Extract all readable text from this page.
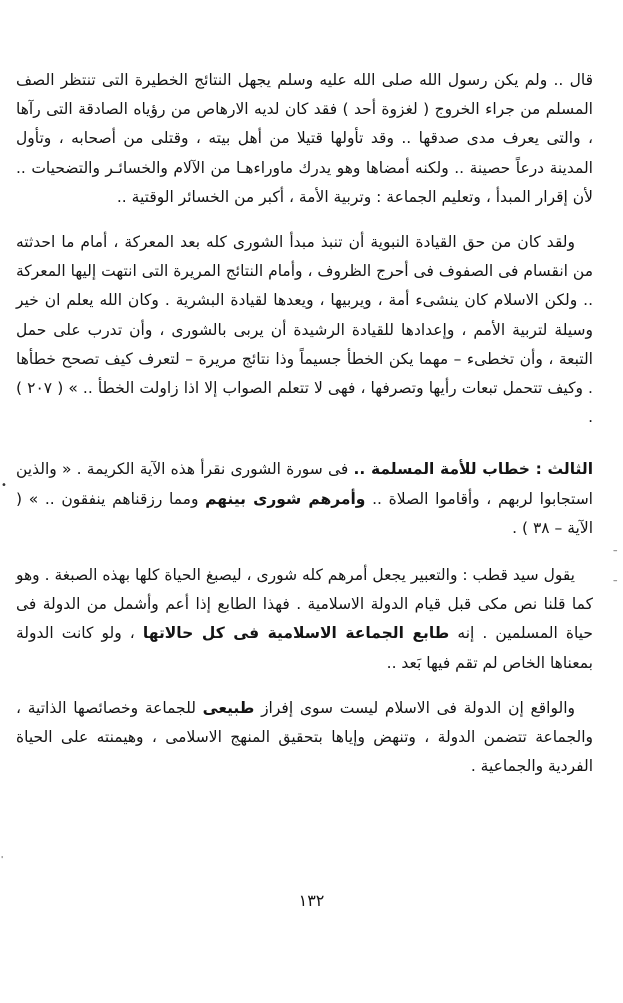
قال .. ولم يكن رسول الله صلى الله عليه وسلم يجهل النتائج الخطيرة التى تنتظر الصف المسلم من جراء الخروج ( لغزوة أحد ) فقد كان لديه الارهاص من رؤياه الصادقة التى رآها ، والتى يعرف مدى صدقها .. وقد تأولها قتيلا من أهل بيته ، وقتلى من أصحابه ، وتأول المدينة درعاً حصينة .. ولكنه أمضاها وهو يدرك ماوراءهـا من الآلام والخسائـر والتضحيات .. لأن إقرار المبدأ ، وتعليم الجماعة : وتربية الأمة ، أكبر من الخسائر الوقتية ..

ولقد كان من حق القيادة النبوية أن تنبذ مبدأ الشورى كله بعد المعركة ، أمام ما احدثته من انقسام فى الصفوف فى أحرج الظروف ، وأمام النتائج المريرة التى انتهت إليها المعركة .. ولكن الاسلام كان ينشىء أمة ، ويربيها ، ويعدها لقيادة البشرية . وكان الله يعلم ان خير وسيلة لتربية الأمم ، وإعدادها للقيادة الرشيدة أن يربى بالشورى ، وأن تدرب على حمل التبعة ، وأن تخطىء – مهما يكن الخطأ جسيماً وذا نتائج مريرة – لتعرف كيف تصحح خطأها . وكيف تتحمل تبعات رأيها وتصرفها ، فهى لا تتعلم الصواب إلا اذا زاولت الخطأ .. » ( ٢٠٧ ) .

الثالث : خطاب للأمة المسلمة .. فى سورة الشورى نقرأ هذه الآية الكريمة . « والذين استجابوا لربهم ، وأقاموا الصلاة .. وأمرهم شورى بينهم ومما رزقناهم ينفقون .. » ( الآية – ٣٨ ) .

يقول سيد قطب : والتعبير يجعل أمرهم كله شورى ، ليصبغ الحياة كلها بهذه الصبغة . وهو كما قلنا نص مكى قبل قيام الدولة الاسلامية . فهذا الطابع إذا أعم وأشمل من الدولة فى حياة المسلمين . إنه طابع الجماعة الاسلامية فى كل حالاتها ، ولو كانت الدولة بمعناها الخاص لم تقم فيها بَعد ..

والواقع إن الدولة فى الاسلام ليست سوى إفراز طبيعى للجماعة وخصائصها الذاتية ، والجماعة تتضمن الدولة ، وتنهض وإياها بتحقيق المنهج الاسلامى ، وهيمنته على الحياة الفردية والجماعية .

١٣٢
•
–
–
'
